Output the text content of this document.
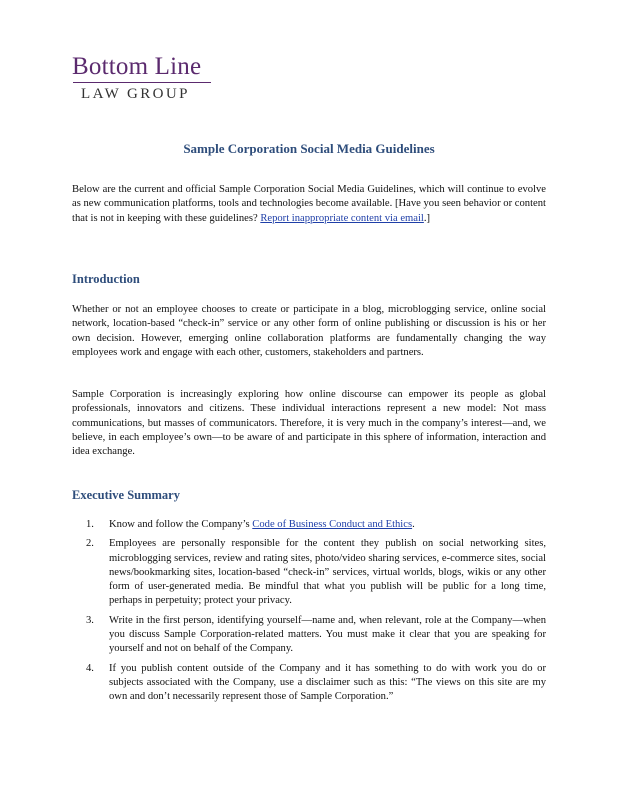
Bottom Line
LAW GROUP
Sample Corporation Social Media Guidelines
Below are the current and official Sample Corporation Social Media Guidelines, which will continue to evolve as new communication platforms, tools and technologies become available. [Have you seen behavior or content that is not in keeping with these guidelines? Report inappropriate content via email.]
Introduction
Whether or not an employee chooses to create or participate in a blog, microblogging service, online social network, location-based “check-in” service or any other form of online publishing or discussion is his or her own decision. However, emerging online collaboration platforms are fundamentally changing the way employees work and engage with each other, customers, stakeholders and partners.
Sample Corporation is increasingly exploring how online discourse can empower its people as global professionals, innovators and citizens. These individual interactions represent a new model: Not mass communications, but masses of communicators. Therefore, it is very much in the company’s interest—and, we believe, in each employee’s own—to be aware of and participate in this sphere of information, interaction and idea exchange.
Executive Summary
1. Know and follow the Company’s Code of Business Conduct and Ethics.
2. Employees are personally responsible for the content they publish on social networking sites, microblogging services, review and rating sites, photo/video sharing services, e-commerce sites, social news/bookmarking sites, location-based “check-in” services, virtual worlds, blogs, wikis or any other form of user-generated media. Be mindful that what you publish will be public for a long time, perhaps in perpetuity; protect your privacy.
3. Write in the first person, identifying yourself—name and, when relevant, role at the Company—when you discuss Sample Corporation-related matters. You must make it clear that you are speaking for yourself and not on behalf of the Company.
4. If you publish content outside of the Company and it has something to do with work you do or subjects associated with the Company, use a disclaimer such as this: “The views on this site are my own and don’t necessarily represent those of Sample Corporation.”
